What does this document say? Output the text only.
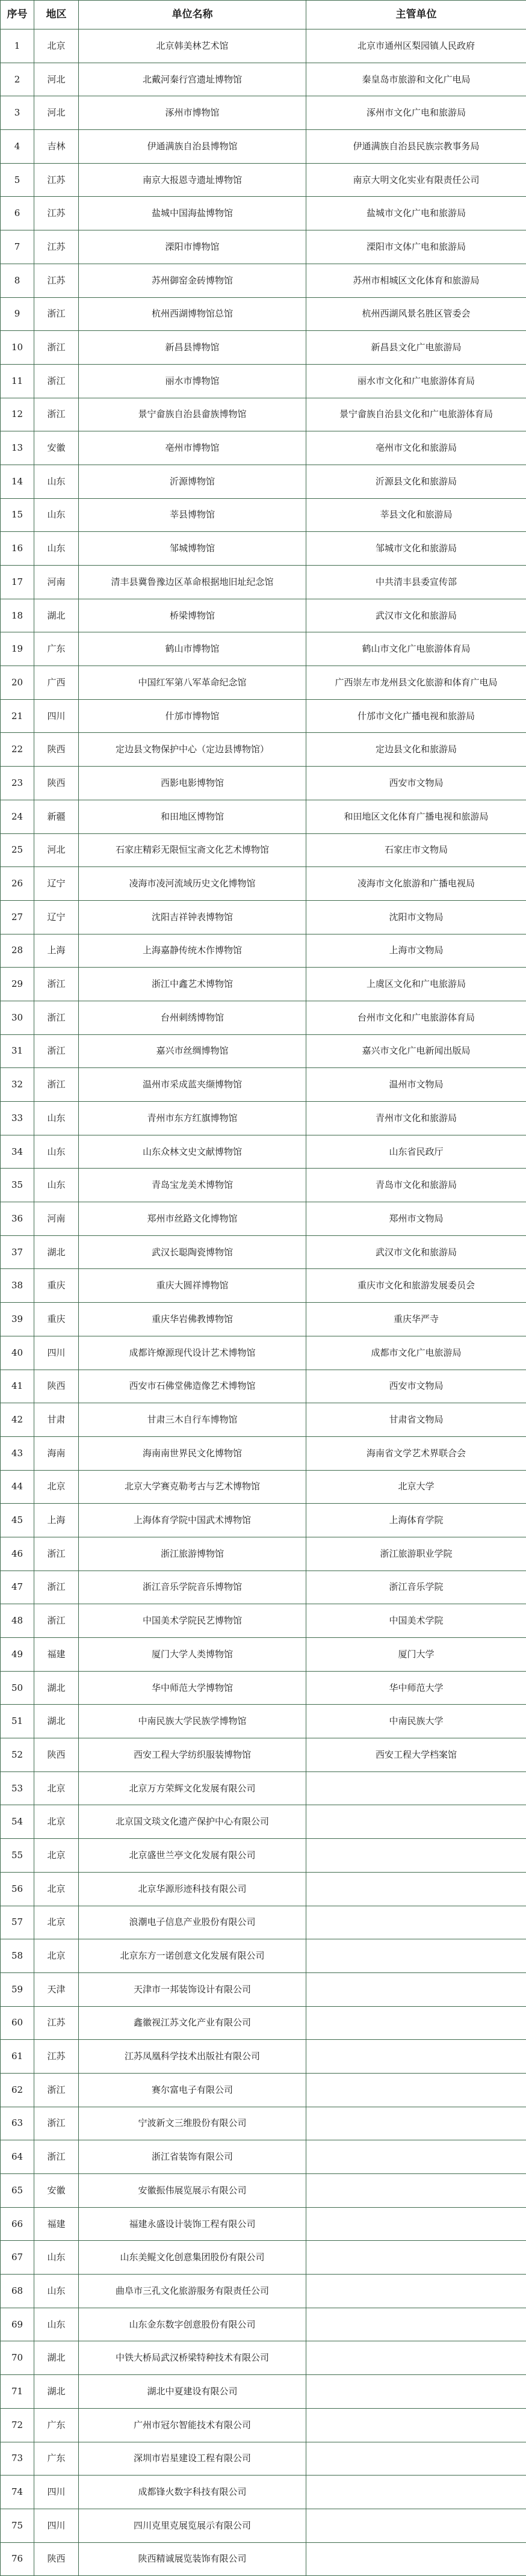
序号	地区	单位名称	主管单位
1	北京	北京韩美林艺术馆	北京市通州区梨园镇人民政府
2	河北	北戴河秦行宫遗址博物馆	秦皇岛市旅游和文化广电局
3	河北	涿州市博物馆	涿州市文化广电和旅游局
4	吉林	伊通满族自治县博物馆	伊通满族自治县民族宗教事务局
5	江苏	南京大报恩寺遗址博物馆	南京大明文化实业有限责任公司
6	江苏	盐城中国海盐博物馆	盐城市文化广电和旅游局
7	江苏	溧阳市博物馆	溧阳市文体广电和旅游局
8	江苏	苏州御窑金砖博物馆	苏州市相城区文化体育和旅游局
9	浙江	杭州西湖博物馆总馆	杭州西湖风景名胜区管委会
10	浙江	新昌县博物馆	新昌县文化广电旅游局
11	浙江	丽水市博物馆	丽水市文化和广电旅游体育局
12	浙江	景宁畲族自治县畲族博物馆	景宁畲族自治县文化和广电旅游体育局
13	安徽	亳州市博物馆	亳州市文化和旅游局
14	山东	沂源博物馆	沂源县文化和旅游局
15	山东	莘县博物馆	莘县文化和旅游局
16	山东	邹城博物馆	邹城市文化和旅游局
17	河南	清丰县冀鲁豫边区革命根据地旧址纪念馆	中共清丰县委宣传部
18	湖北	桥梁博物馆	武汉市文化和旅游局
19	广东	鹤山市博物馆	鹤山市文化广电旅游体育局
20	广西	中国红军第八军革命纪念馆	广西崇左市龙州县文化旅游和体育广电局
21	四川	什邡市博物馆	什邡市文化广播电视和旅游局
22	陕西	定边县文物保护中心（定边县博物馆）	定边县文化和旅游局
23	陕西	西影电影博物馆	西安市文物局
24	新疆	和田地区博物馆	和田地区文化体育广播电视和旅游局
25	河北	石家庄精彩无限恒宝斋文化艺术博物馆	石家庄市文物局
26	辽宁	凌海市凌河流域历史文化博物馆	凌海市文化旅游和广播电视局
27	辽宁	沈阳吉祥钟表博物馆	沈阳市文物局
28	上海	上海嘉静传统木作博物馆	上海市文物局
29	浙江	浙江中鑫艺术博物馆	上虞区文化和广电旅游局
30	浙江	台州刺绣博物馆	台州市文化和广电旅游体育局
31	浙江	嘉兴市丝绸博物馆	嘉兴市文化广电新闻出版局
32	浙江	温州市采成蓝夹缬博物馆	温州市文物局
33	山东	青州市东方红旗博物馆	青州市文化和旅游局
34	山东	山东众林文史文献博物馆	山东省民政厅
35	山东	青岛宝龙美术博物馆	青岛市文化和旅游局
36	河南	郑州市丝路文化博物馆	郑州市文物局
37	湖北	武汉长聪陶瓷博物馆	武汉市文化和旅游局
38	重庆	重庆大圆祥博物馆	重庆市文化和旅游发展委员会
39	重庆	重庆华岩佛教博物馆	重庆华严寺
40	四川	成都许燎源现代设计艺术博物馆	成都市文化广电旅游局
41	陕西	西安市石佛堂佛造像艺术博物馆	西安市文物局
42	甘肃	甘肃三木自行车博物馆	甘肃省文物局
43	海南	海南南世界民文化博物馆	海南省文学艺术界联合会
44	北京	北京大学赛克勒考古与艺术博物馆	北京大学
45	上海	上海体育学院中国武术博物馆	上海体育学院
46	浙江	浙江旅游博物馆	浙江旅游职业学院
47	浙江	浙江音乐学院音乐博物馆	浙江音乐学院
48	浙江	中国美术学院民艺博物馆	中国美术学院
49	福建	厦门大学人类博物馆	厦门大学
50	湖北	华中师范大学博物馆	华中师范大学
51	湖北	中南民族大学民族学博物馆	中南民族大学
52	陕西	西安工程大学纺织服装博物馆	西安工程大学档案馆
53	北京	北京万方荣辉文化发展有限公司	
54	北京	北京国文琰文化遗产保护中心有限公司	
55	北京	北京盛世兰亭文化发展有限公司	
56	北京	北京华源形迹科技有限公司	
57	北京	浪潮电子信息产业股份有限公司	
58	北京	北京东方一诺创意文化发展有限公司	
59	天津	天津市一邦装饰设计有限公司	
60	江苏	鑫徽视江苏文化产业有限公司	
61	江苏	江苏凤凰科学技术出版社有限公司	
62	浙江	赛尔富电子有限公司	
63	浙江	宁波新文三维股份有限公司	
64	浙江	浙江省装饰有限公司	
65	安徽	安徽振伟展览展示有限公司	
66	福建	福建永盛设计装饰工程有限公司	
67	山东	山东美鲲文化创意集团股份有限公司	
68	山东	曲阜市三孔文化旅游服务有限责任公司	
69	山东	山东金东数字创意股份有限公司	
70	湖北	中铁大桥局武汉桥梁特种技术有限公司	
71	湖北	湖北中夏建设有限公司	
72	广东	广州市冠尔智能技术有限公司	
73	广东	深圳市岩星建设工程有限公司	
74	四川	成都锋火数字科技有限公司	
75	四川	四川克里克展览展示有限公司	
76	陕西	陕西精诚展览装饰有限公司	
